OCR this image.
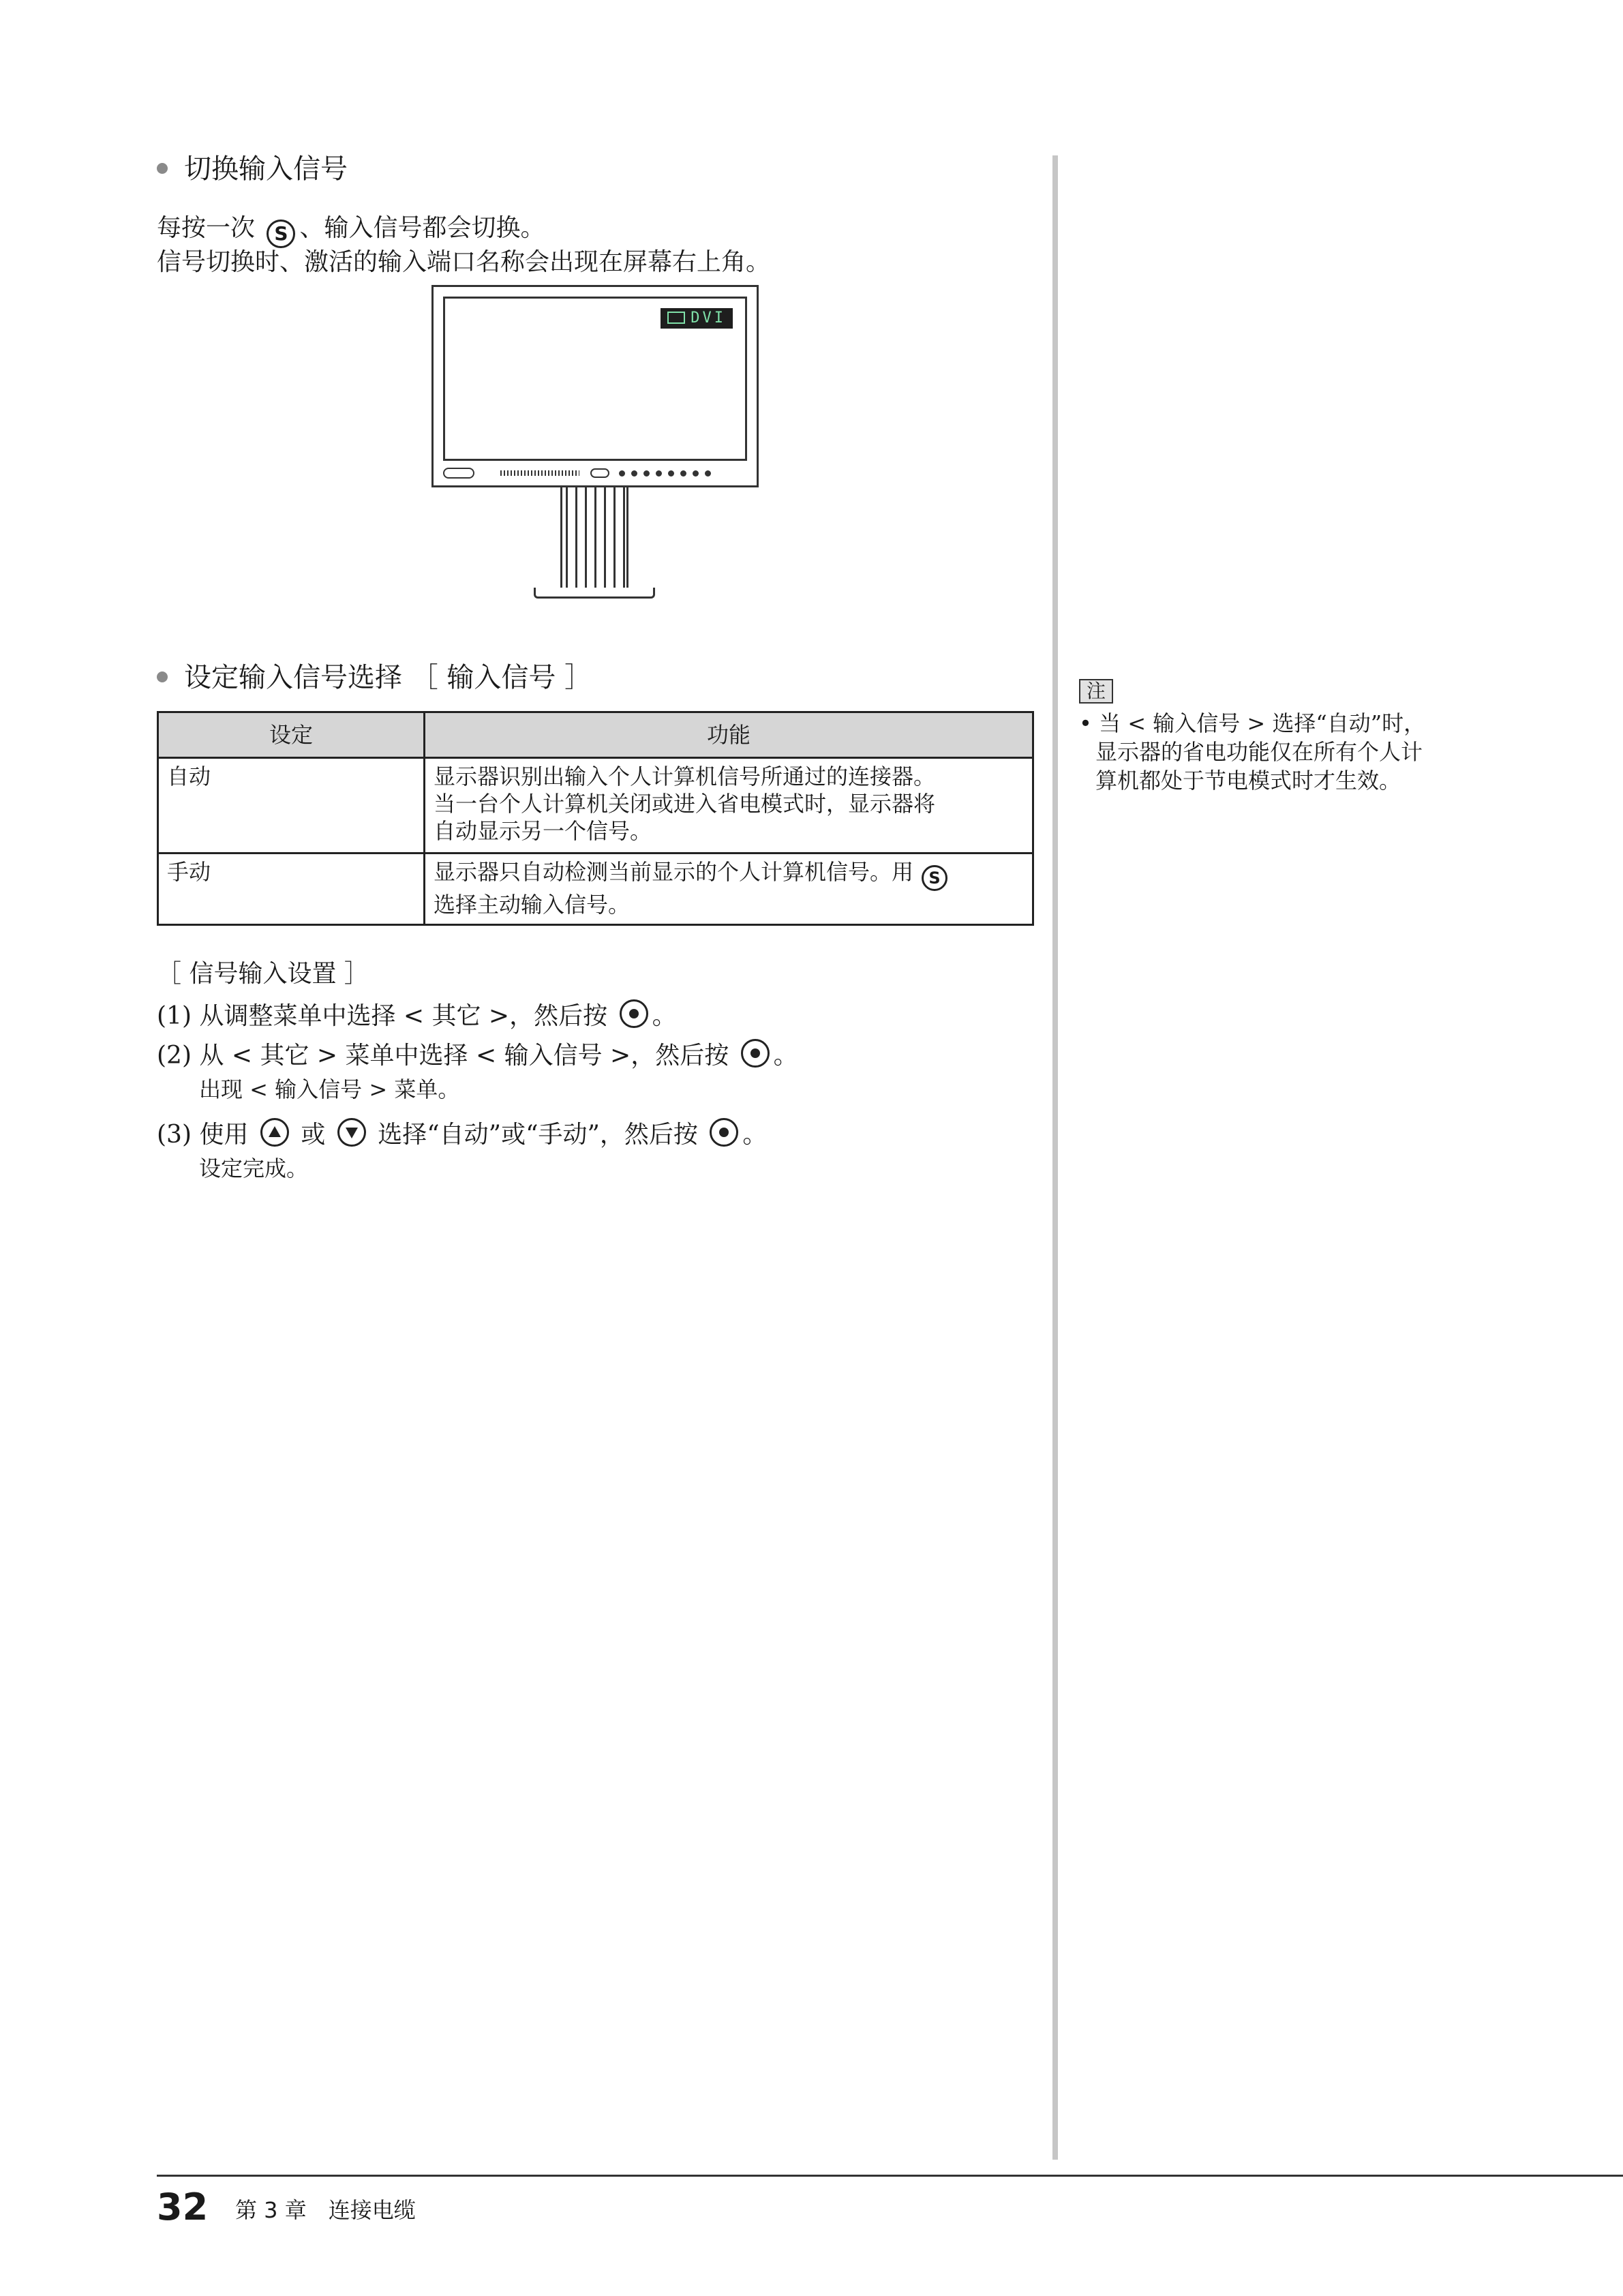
切换输入信号
每按一次 S 、输入信号都会切换。
信号切换时、激活的输入端口名称会出现在屏幕右上角。
DVI
设定输入信号选择 ［ 输入信号 ］
设定	功能
自动	显示器识别出输入个人计算机信号所通过的连接器。
当一台个人计算机关闭或进入省电模式时，显示器将
自动显示另一个信号。

手动	显示器只自动检测当前显示的个人计算机信号。用 S
选择主动输入信号。
［ 信号输入设置 ］
(1) 从调整菜单中选择 < 其它 >，然后按 。
(2) 从 < 其它 > 菜单中选择 < 输入信号 >，然后按 。
出现 < 输入信号 > 菜单。
(3) 使用 或 选择“自动”或“手动”，然后按 。
设定完成。
注
• 当 < 输入信号 > 选择“自动”时，
显示器的省电功能仅在所有个人计
算机都处于节电模式时才生效。
32 第 3 章　连接电缆
